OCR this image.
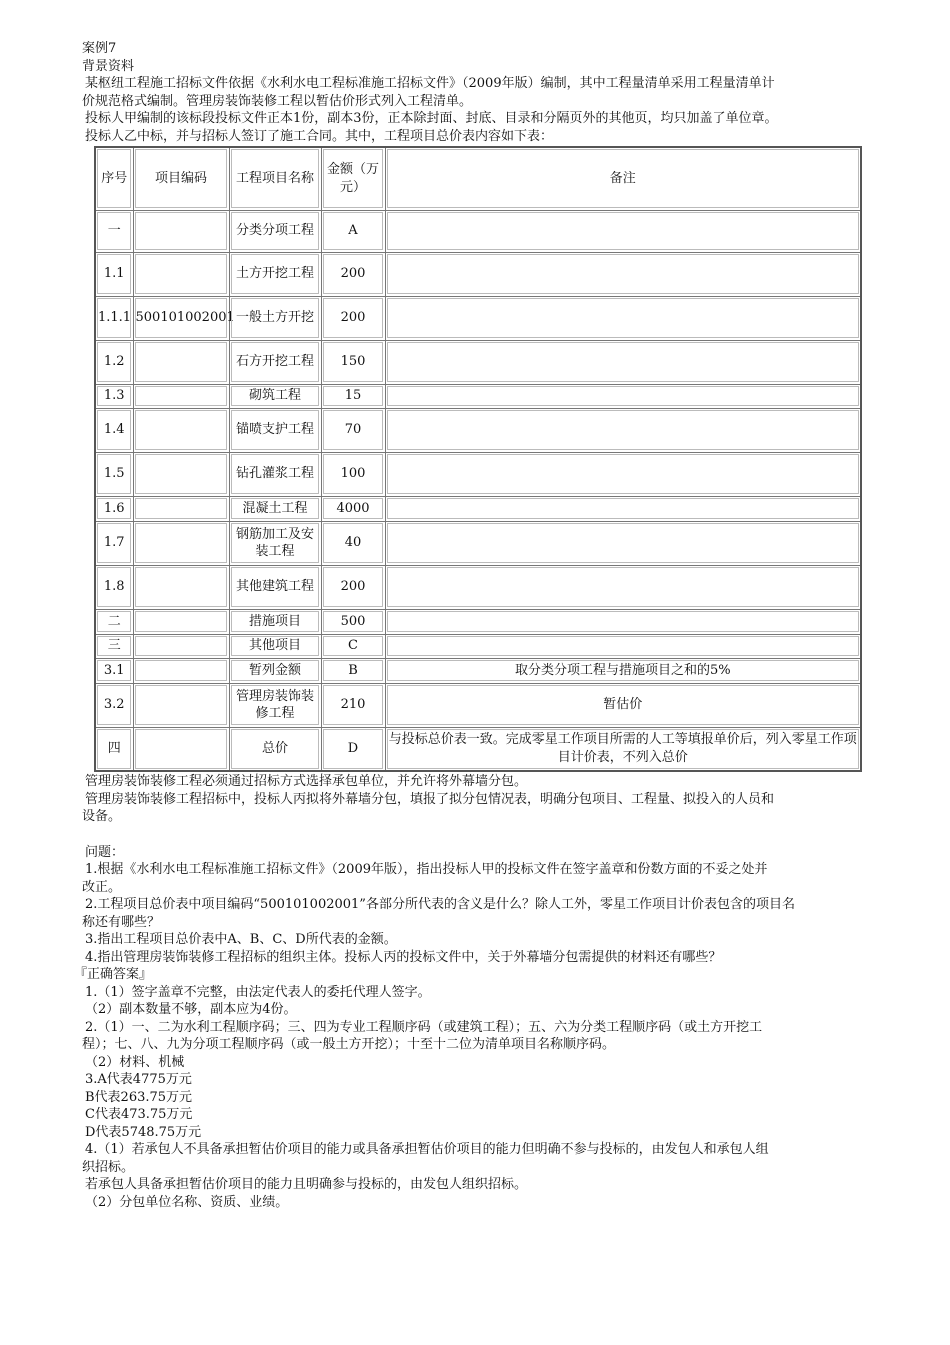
案例7
背景资料
某枢纽工程施工招标文件依据《水利水电工程标准施工招标文件》（2009年版）编制，其中工程量清单采用工程量清单计
价规范格式编制。管理房装饰装修工程以暂估价形式列入工程清单。
投标人甲编制的该标段投标文件正本1份，副本3份，正本除封面、封底、目录和分隔页外的其他页，均只加盖了单位章。
投标人乙中标，并与招标人签订了施工合同。其中，工程项目总价表内容如下表：
序号	项目编码	工程项目名称	金额（万元）	备注
一		分类分项工程	A	
1.1		土方开挖工程	200	
1.1.1	500101002001	一般土方开挖	200	
1.2		石方开挖工程	150	
1.3		砌筑工程	15	
1.4		锚喷支护工程	70	
1.5		钻孔灌浆工程	100	
1.6		混凝土工程	4000	
1.7		钢筋加工及安装工程	40	
1.8		其他建筑工程	200	
二		措施项目	500	
三		其他项目	C	
3.1		暂列金额	B	取分类分项工程与措施项目之和的5%
3.2		管理房装饰装修工程	210	暂估价
四		总价	D	与投标总价表一致。完成零星工作项目所需的人工等填报单价后，列入零星工作项目计价表，不列入总价
管理房装饰装修工程必须通过招标方式选择承包单位，并允许将外幕墙分包。
管理房装饰装修工程招标中，投标人丙拟将外幕墙分包，填报了拟分包情况表，明确分包项目、工程量、拟投入的人员和
设备。
问题：
1.根据《水利水电工程标准施工招标文件》（2009年版），指出投标人甲的投标文件在签字盖章和份数方面的不妥之处并
改正。
2.工程项目总价表中项目编码“500101002001”各部分所代表的含义是什么？除人工外，零星工作项目计价表包含的项目名
称还有哪些？
3.指出工程项目总价表中A、B、C、D所代表的金额。
4.指出管理房装饰装修工程招标的组织主体。投标人丙的投标文件中，关于外幕墙分包需提供的材料还有哪些？
『正确答案』
1.（1）签字盖章不完整，由法定代表人的委托代理人签字。
（2）副本数量不够，副本应为4份。
2.（1）一、二为水利工程顺序码；三、四为专业工程顺序码（或建筑工程）；五、六为分类工程顺序码（或土方开挖工
程）；七、八、九为分项工程顺序码（或一般土方开挖）；十至十二位为清单项目名称顺序码。
（2）材料、机械
3.A代表4775万元
B代表263.75万元
C代表473.75万元
D代表5748.75万元
4.（1）若承包人不具备承担暂估价项目的能力或具备承担暂估价项目的能力但明确不参与投标的，由发包人和承包人组
织招标。
若承包人具备承担暂估价项目的能力且明确参与投标的，由发包人组织招标。
（2）分包单位名称、资质、业绩。
